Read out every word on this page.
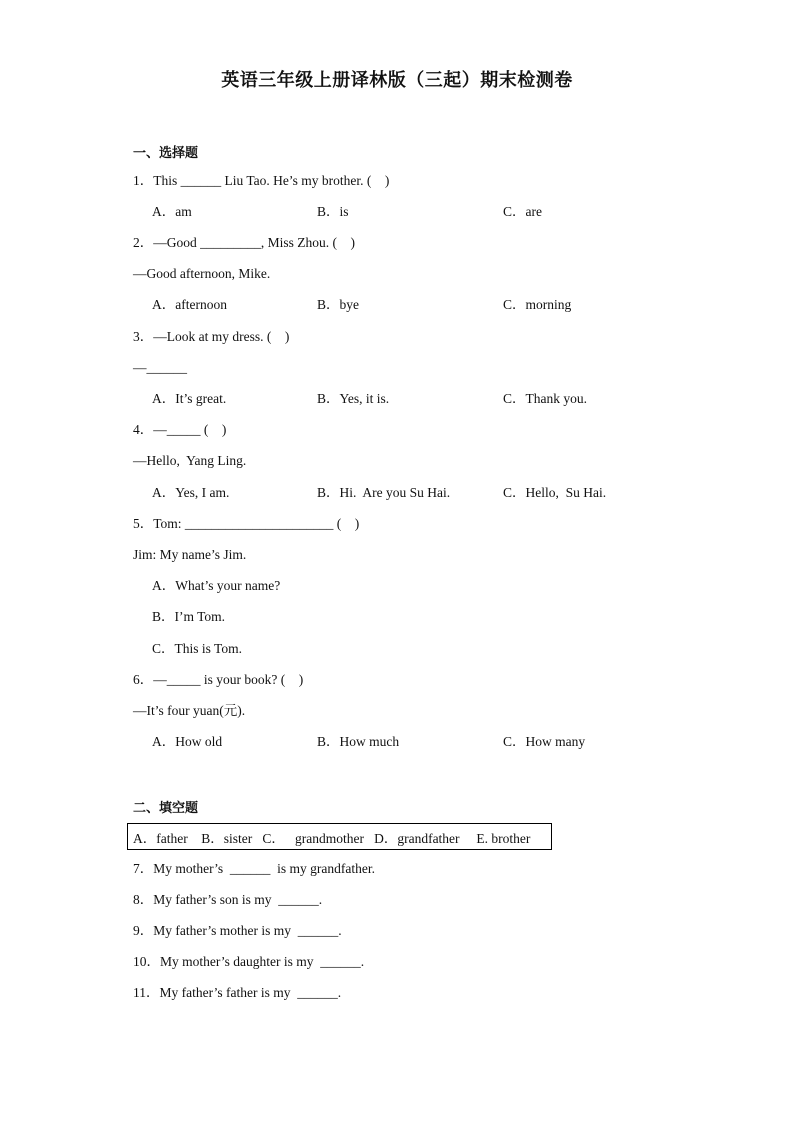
英语三年级上册译林版（三起）期末检测卷
一、选择题
1．This ______ Liu Tao. He’s my brother. (    )
A．am	B．is	C．are
2．—Good _________, Miss Zhou. (    )
—Good afternoon, Mike.
A．afternoon	B．bye	C．morning
3．—Look at my dress. (    )
—______
A．It’s great.	B．Yes, it is.	C．Thank you.
4．—_____ (    )
—Hello,  Yang Ling.
A．Yes, I am.	B．Hi.  Are you Su Hai.	C．Hello,  Su Hai.
5．Tom: ______________________ (    )
Jim: My name’s Jim.
A．What’s your name?
B．I’m Tom.
C．This is Tom.
6．—_____ is your book? (    )
—It’s four yuan(元).
A．How old	B．How much	C．How many
二、填空题
A．father    B．sister   C．   grandmother   D．grandfather     E. brother
7．My mother’s  ______  is my grandfather.
8．My father’s son is my  ______.
9．My father’s mother is my  ______.
10．My mother’s daughter is my  ______.
11．My father’s father is my  ______.
